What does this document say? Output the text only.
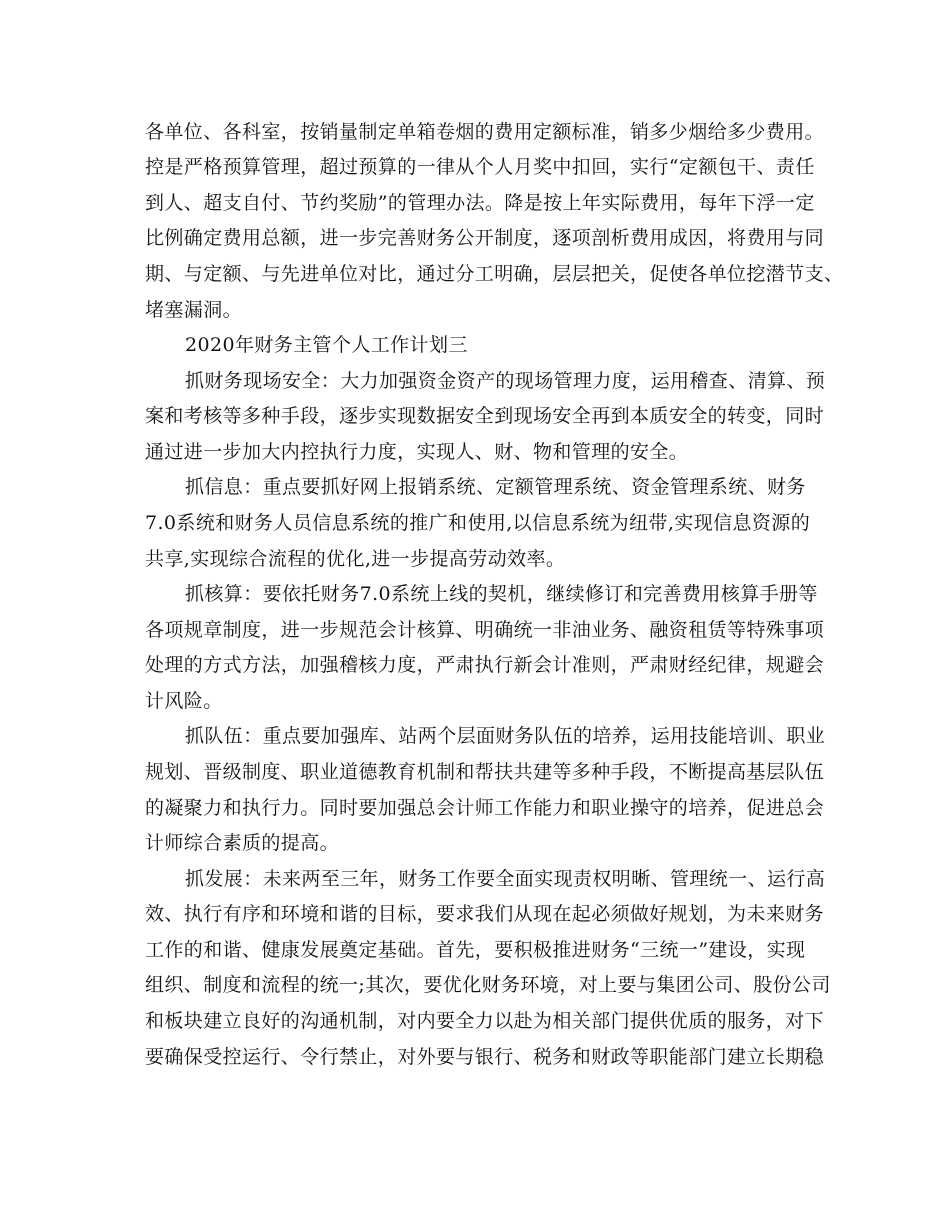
各单位、各科室，按销量制定单箱卷烟的费用定额标准，销多少烟给多少费用。
控是严格预算管理，超过预算的一律从个人月奖中扣回，实行“定额包干、责任
到人、超支自付、节约奖励”的管理办法。降是按上年实际费用，每年下浮一定
比例确定费用总额，进一步完善财务公开制度，逐项剖析费用成因，将费用与同
期、与定额、与先进单位对比，通过分工明确，层层把关，促使各单位挖潜节支、
堵塞漏洞。
2020年财务主管个人工作计划三
抓财务现场安全：大力加强资金资产的现场管理力度，运用稽查、清算、预
案和考核等多种手段，逐步实现数据安全到现场安全再到本质安全的转变，同时
通过进一步加大内控执行力度，实现人、财、物和管理的安全。
抓信息：重点要抓好网上报销系统、定额管理系统、资金管理系统、财务
7.0系统和财务人员信息系统的推广和使用,以信息系统为纽带,实现信息资源的
共享,实现综合流程的优化,进一步提高劳动效率。
抓核算：要依托财务7.0系统上线的契机，继续修订和完善费用核算手册等
各项规章制度，进一步规范会计核算、明确统一非油业务、融资租赁等特殊事项
处理的方式方法，加强稽核力度，严肃执行新会计准则，严肃财经纪律，规避会
计风险。
抓队伍：重点要加强库、站两个层面财务队伍的培养，运用技能培训、职业
规划、晋级制度、职业道德教育机制和帮扶共建等多种手段，不断提高基层队伍
的凝聚力和执行力。同时要加强总会计师工作能力和职业操守的培养，促进总会
计师综合素质的提高。
抓发展：未来两至三年，财务工作要全面实现责权明晰、管理统一、运行高
效、执行有序和环境和谐的目标，要求我们从现在起必须做好规划，为未来财务
工作的和谐、健康发展奠定基础。首先，要积极推进财务“三统一”建设，实现
组织、制度和流程的统一;其次，要优化财务环境，对上要与集团公司、股份公司
和板块建立良好的沟通机制，对内要全力以赴为相关部门提供优质的服务，对下
要确保受控运行、令行禁止，对外要与银行、税务和财政等职能部门建立长期稳
